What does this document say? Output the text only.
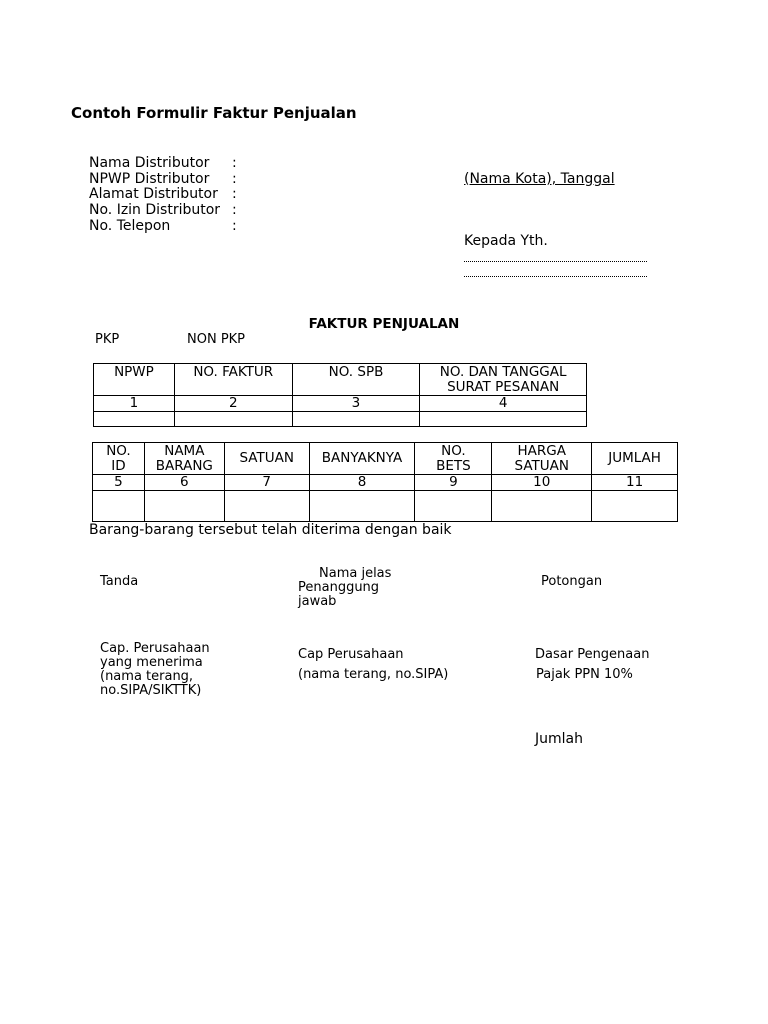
Contoh Formulir Faktur Penjualan
Nama Distributor :
NPWP Distributor :
Alamat Distributor :
No. Izin Distributor :
No. Telepon	:
(Nama Kota), Tanggal
Kepada Yth.
FAKTUR PENJUALAN
PKP	NON PKP
NPWP	NO. FAKTUR	NO. SPB	NO. DAN TANGGAL SURAT PESANAN
1	2	3	4

NO. ID	NAMA BARANG	SATUAN	BANYAKNYA	NO. BETS	HARGA SATUAN	JUMLAH
5	6	7	8	9	10	11

Barang-barang tersebut telah diterima dengan baik
Tanda
Nama jelas
Penanggung jawab
Potongan
Cap. Perusahaan yang menerima (nama terang, no.SIPA/SIKTTK)
Cap Perusahaan
(nama terang, no.SIPA)
Dasar Pengenaan
Pajak PPN 10%
Jumlah
